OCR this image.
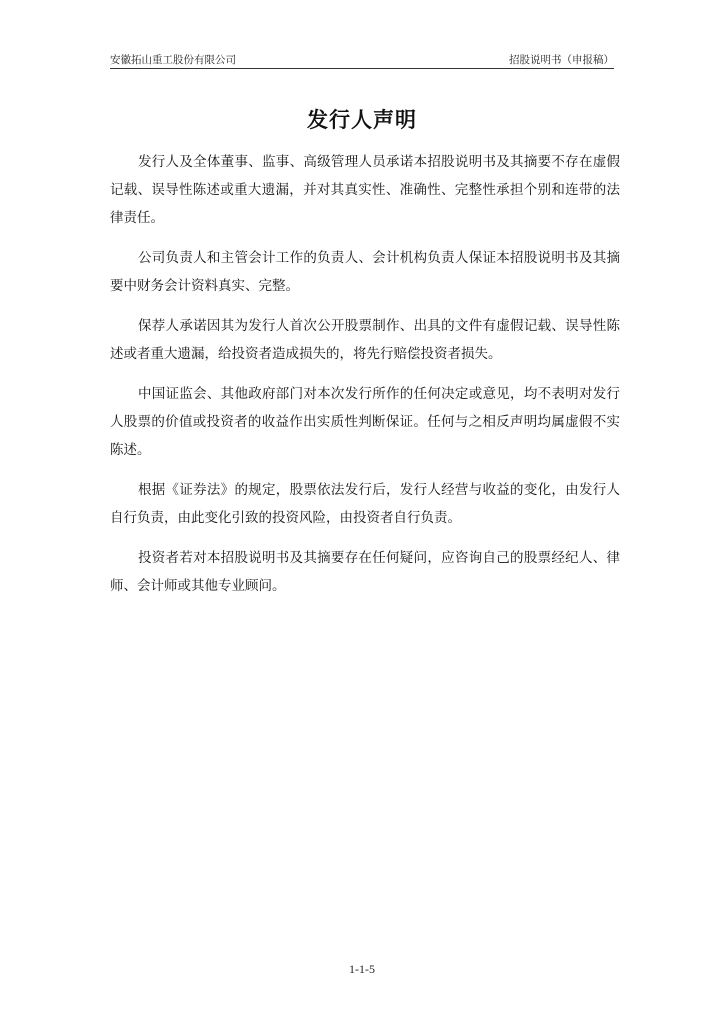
安徽拓山重工股份有限公司	招股说明书（申报稿）
发行人声明

发行人及全体董事、监事、高级管理人员承诺本招股说明书及其摘要不存在虚假记载、误导性陈述或重大遗漏，并对其真实性、准确性、完整性承担个别和连带的法律责任。

公司负责人和主管会计工作的负责人、会计机构负责人保证本招股说明书及其摘要中财务会计资料真实、完整。

保荐人承诺因其为发行人首次公开股票制作、出具的文件有虚假记载、误导性陈述或者重大遗漏，给投资者造成损失的，将先行赔偿投资者损失。

中国证监会、其他政府部门对本次发行所作的任何决定或意见，均不表明对发行人股票的价值或投资者的收益作出实质性判断保证。任何与之相反声明均属虚假不实陈述。

根据《证券法》的规定，股票依法发行后，发行人经营与收益的变化，由发行人自行负责，由此变化引致的投资风险，由投资者自行负责。

投资者若对本招股说明书及其摘要存在任何疑问，应咨询自己的股票经纪人、律师、会计师或其他专业顾问。

1-1-5
